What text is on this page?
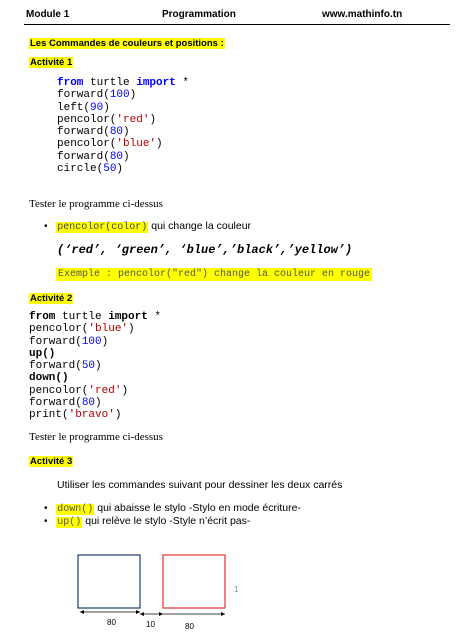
Module 1	Programmation	www.mathinfo.tn
Les Commandes de couleurs et positions :
Activité 1
from turtle import *
forward(100)
left(90)
pencolor('red')
forward(80)
pencolor('blue')
forward(80)
circle(50)
Tester le programme ci-dessus
• pencolor(color) qui change la couleur
(‘red’, ‘green’, ‘blue’,’black’,’yellow’)
Exemple : pencolor("red") change la couleur en rouge
Activité 2
from turtle import *
pencolor('blue')
forward(100)
up()
forward(50)
down()
pencolor('red')
forward(80)
print('bravo')
Tester le programme ci-dessus
Activité 3
Utiliser les commandes suivant pour dessiner les deux carrés
• down() qui abaisse le stylo -Stylo en mode écriture-
• up() qui relève le stylo -Style n’écrit pas-
80	10	80
1
